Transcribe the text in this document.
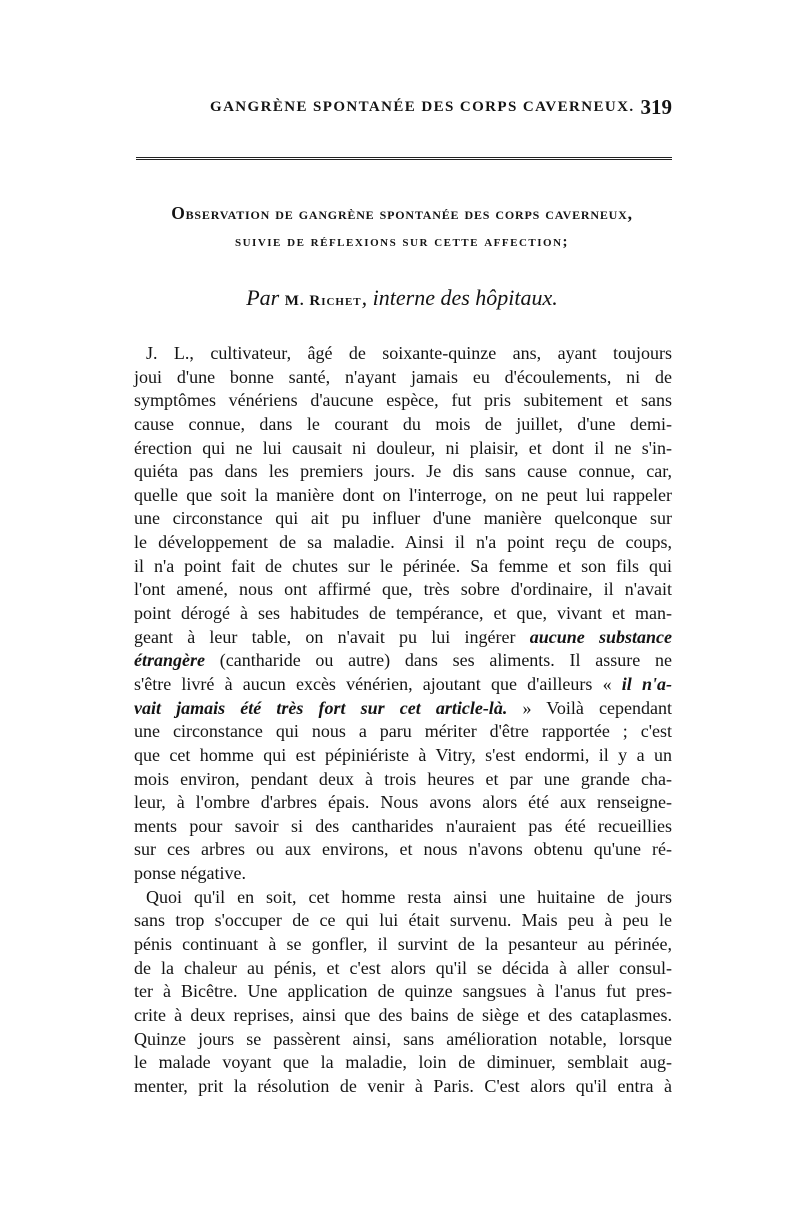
GANGRÈNE SPONTANÉE DES CORPS CAVERNEUX. 319
Observation de gangrène spontanée des corps caverneux,
suivie de réflexions sur cette affection;
Par M. Richet, interne des hôpitaux.
J. L., cultivateur, âgé de soixante-quinze ans, ayant toujours
joui d'une bonne santé, n'ayant jamais eu d'écoulements, ni de
symptômes vénériens d'aucune espèce, fut pris subitement et sans
cause connue, dans le courant du mois de juillet, d'une demi-
érection qui ne lui causait ni douleur, ni plaisir, et dont il ne s'in-
quiéta pas dans les premiers jours. Je dis sans cause connue, car,
quelle que soit la manière dont on l'interroge, on ne peut lui rappeler
une circonstance qui ait pu influer d'une manière quelconque sur
le développement de sa maladie. Ainsi il n'a point reçu de coups,
il n'a point fait de chutes sur le périnée. Sa femme et son fils qui
l'ont amené, nous ont affirmé que, très sobre d'ordinaire, il n'avait
point dérogé à ses habitudes de tempérance, et que, vivant et man-
geant à leur table, on n'avait pu lui ingérer aucune substance
étrangère (cantharide ou autre) dans ses aliments. Il assure ne
s'être livré à aucun excès vénérien, ajoutant que d'ailleurs « il n'a-
vait jamais été très fort sur cet article-là. » Voilà cependant
une circonstance qui nous a paru mériter d'être rapportée ; c'est
que cet homme qui est pépiniériste à Vitry, s'est endormi, il y a un
mois environ, pendant deux à trois heures et par une grande cha-
leur, à l'ombre d'arbres épais. Nous avons alors été aux renseigne-
ments pour savoir si des cantharides n'auraient pas été recueillies
sur ces arbres ou aux environs, et nous n'avons obtenu qu'une ré-
ponse négative.
Quoi qu'il en soit, cet homme resta ainsi une huitaine de jours
sans trop s'occuper de ce qui lui était survenu. Mais peu à peu le
pénis continuant à se gonfler, il survint de la pesanteur au périnée,
de la chaleur au pénis, et c'est alors qu'il se décida à aller consul-
ter à Bicêtre. Une application de quinze sangsues à l'anus fut pres-
crite à deux reprises, ainsi que des bains de siège et des cataplasmes.
Quinze jours se passèrent ainsi, sans amélioration notable, lorsque
le malade voyant que la maladie, loin de diminuer, semblait aug-
menter, prit la résolution de venir à Paris. C'est alors qu'il entra à
